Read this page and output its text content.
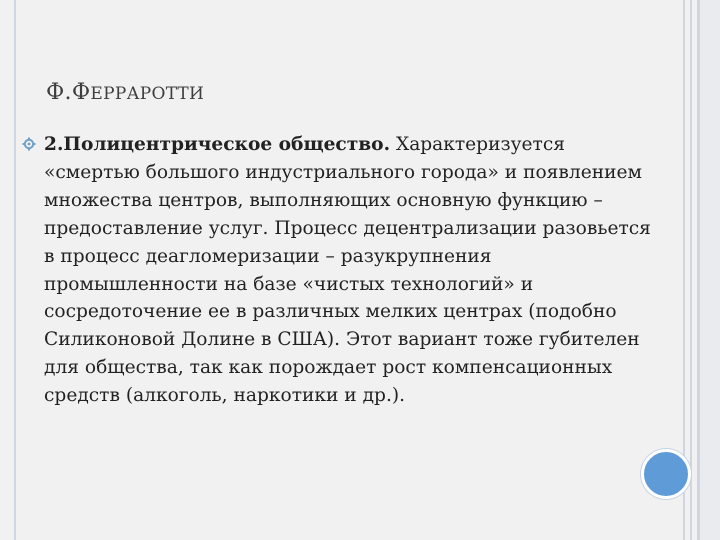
Ф.ФЕРРАРОТТИ
2.Полицентрическое общество. Характеризуется «смертью большого индустриального города» и появлением множества центров, выполняющих основную функцию – предоставление услуг. Процесс децентрализации разовьется в процесс деагломеризации – разукрупнения промышленности на базе «чистых технологий» и сосредоточение ее в различных мелких центрах (подобно Силиконовой Долине в США). Этот вариант тоже губителен для общества, так как порождает рост компенсационных средств (алкоголь, наркотики и др.).
